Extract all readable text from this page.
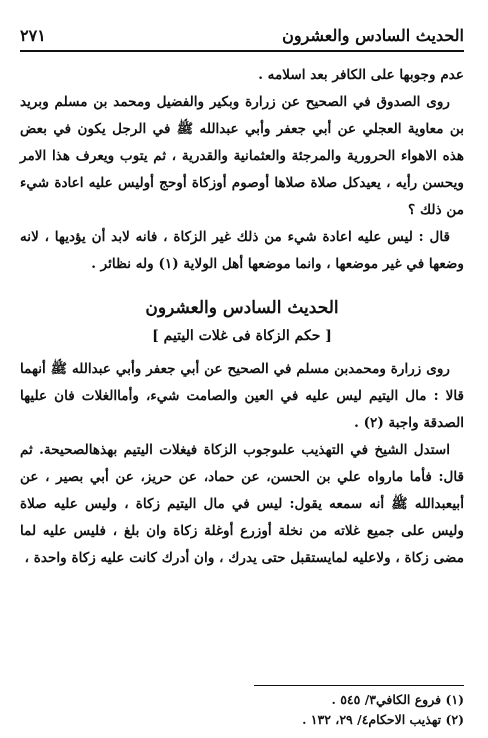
الحديث السادس والعشرون
٢٧١

عدم وجوبها على الكافر بعد اسلامه .

روى الصدوق في الصحيح عن زرارة وبكير والفضيل ومحمد بن مسلم وبريد بن معاوية العجلي عن أبي جعفر وأبي عبدالله ﷺ في الرجل يكون في بعض هذه الاهواء الحرورية والمرجئة والعثمانية والقدرية ، ثم يتوب ويعرف هذا الامر ويحسن رأيه ، يعيدكل صلاة صلاها أوصوم أوزكاة أوحج أوليس عليه اعادة شيء من ذلك ؟

قال : ليس عليه اعادة شيء من ذلك غير الزكاة ، فانه لابد أن يؤديها ، لانه وضعها في غير موضعها ، وانما موضعها أهل الولاية (١) وله نظائر .

الحديث السادس والعشرون
[ حكم الزكاة فى غلات اليتيم ]

روى زرارة ومحمدبن مسلم في الصحيح عن أبي جعفر وأبي عبدالله ﷺ أنهما قالا : مال اليتيم ليس عليه في العين والصامت شيء، وأماالغلات فان عليها الصدقة واجبة (٢) .

استدل الشيخ في التهذيب علىوجوب الزكاة فيغلات اليتيم بهذهالصحيحة. ثم قال: فأما مارواه علي بن الحسن، عن حماد، عن حريز، عن أبي بصير ، عن أبيعبدالله ﷺ أنه سمعه يقول: ليس في مال اليتيم زكاة ، وليس عليه صلاة وليس على جميع غلاته من نخلة أوزرع أوغلة زكاة وان بلغ ، فليس عليه لما مضى زكاة ، ولاعليه لمايستقبل حتى يدرك ، وان أدرك كانت عليه زكاة واحدة ،

(١) فروع الكافي٣/ ٥٤٥ .

(٢) تهذيب الاحكام٤/ ٢٩، ١٣٢ .
